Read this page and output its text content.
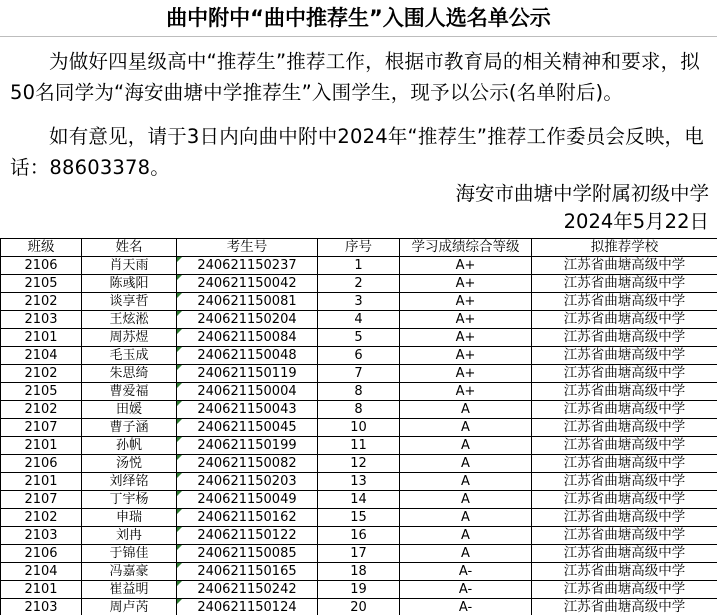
曲中附中“曲中推荐生”入围人选名单公示
为做好四星级高中“推荐生”推荐工作，根据市教育局的相关精神和要求，拟50名同学为“海安曲塘中学推荐生”入围学生，现予以公示(名单附后)。
如有意见，请于3日内向曲中附中2024年“推荐生”推荐工作委员会反映，电话：88603378。
海安市曲塘中学附属初级中学
2024年5月22日
班级	姓名	考生号	序号	学习成绩综合等级	拟推荐学校
2106	肖天雨	240621150237	1	A+	江苏省曲塘高级中学
2105	陈彧阳	240621150042	2	A+	江苏省曲塘高级中学
2102	谈享哲	240621150081	3	A+	江苏省曲塘高级中学
2103	王炫淞	240621150204	4	A+	江苏省曲塘高级中学
2101	周苏煜	240621150084	5	A+	江苏省曲塘高级中学
2104	毛玉成	240621150048	6	A+	江苏省曲塘高级中学
2102	朱思绮	240621150119	7	A+	江苏省曲塘高级中学
2105	曹爱福	240621150004	8	A+	江苏省曲塘高级中学
2102	田媛	240621150043	8	A	江苏省曲塘高级中学
2107	曹子涵	240621150045	10	A	江苏省曲塘高级中学
2101	孙帆	240621150199	11	A	江苏省曲塘高级中学
2106	汤悦	240621150082	12	A	江苏省曲塘高级中学
2101	刘绎铭	240621150203	13	A	江苏省曲塘高级中学
2107	丁宇杨	240621150049	14	A	江苏省曲塘高级中学
2102	申瑞	240621150162	15	A	江苏省曲塘高级中学
2103	刘冉	240621150122	16	A	江苏省曲塘高级中学
2106	于锦佳	240621150085	17	A	江苏省曲塘高级中学
2104	冯嘉豪	240621150165	18	A-	江苏省曲塘高级中学
2101	崔益明	240621150242	19	A-	江苏省曲塘高级中学
2103	周卢芮	240621150124	20	A-	江苏省曲塘高级中学
